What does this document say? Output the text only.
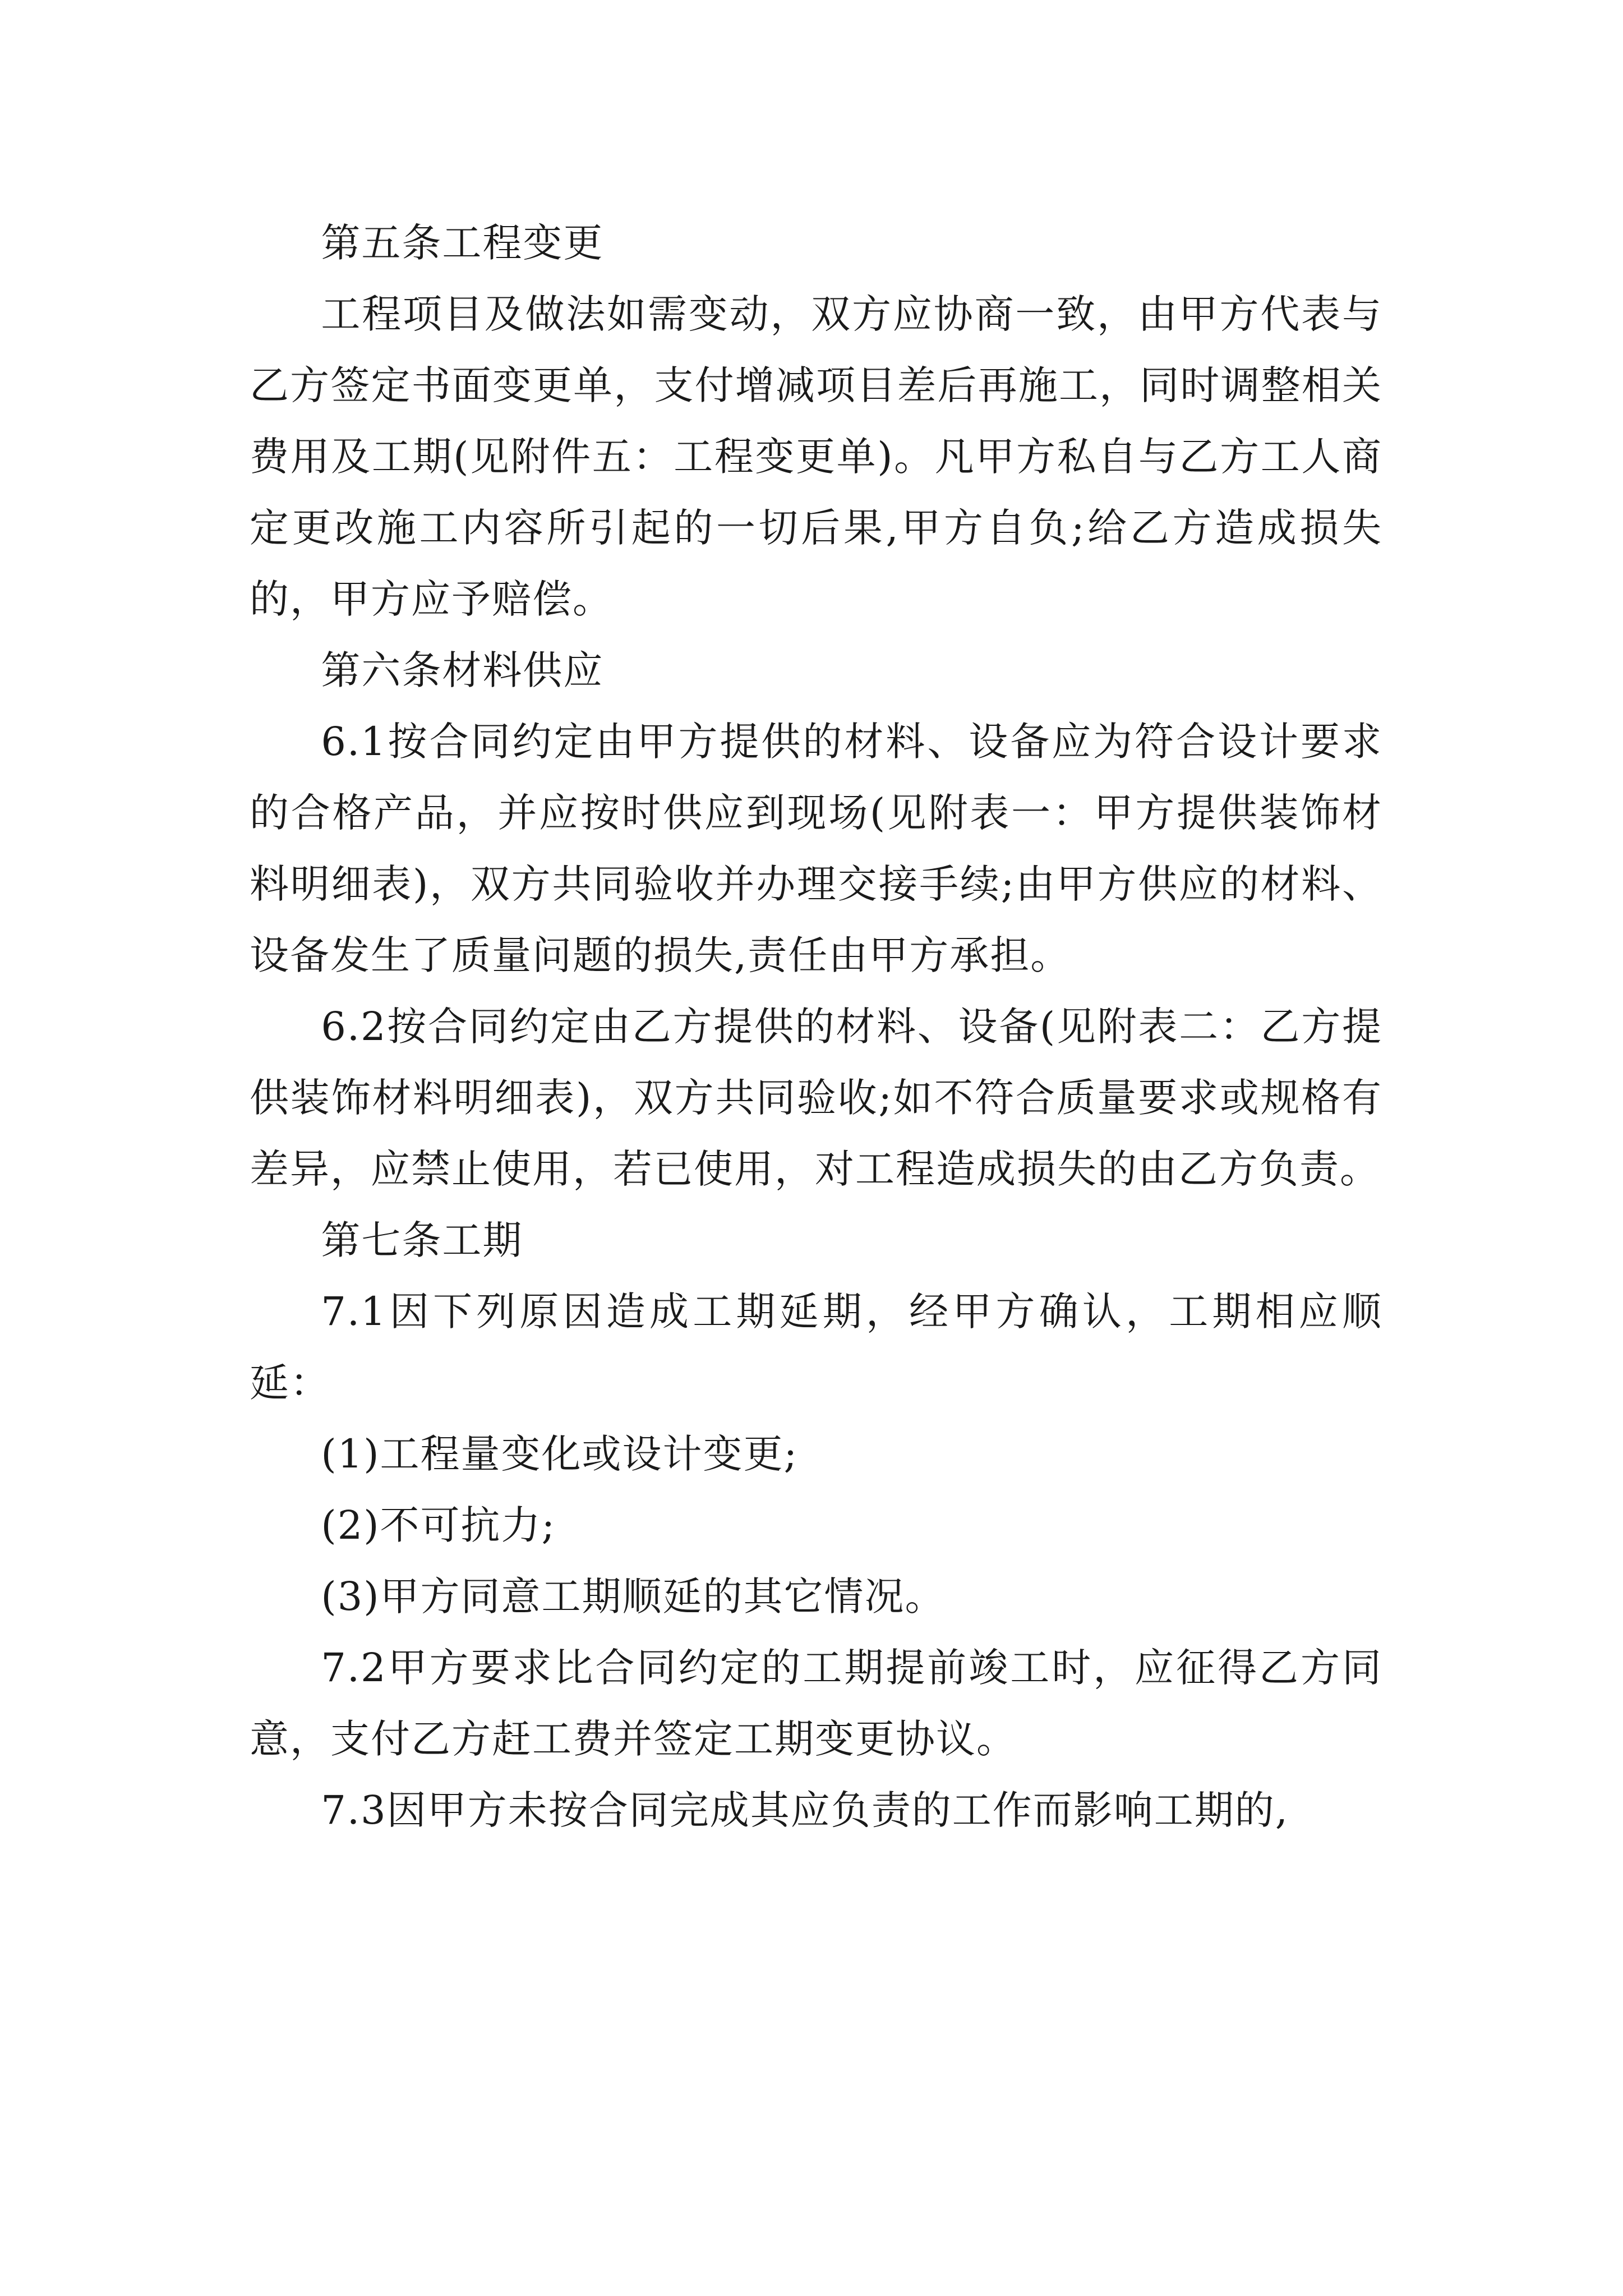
第五条工程变更

工程项目及做法如需变动，双方应协商一致，由甲方代表与乙方签定书面变更单，支付增减项目差后再施工，同时调整相关费用及工期(见附件五：工程变更单)。凡甲方私自与乙方工人商定更改施工内容所引起的一切后果,甲方自负;给乙方造成损失的，甲方应予赔偿。

第六条材料供应

6.1按合同约定由甲方提供的材料、设备应为符合设计要求的合格产品，并应按时供应到现场(见附表一：甲方提供装饰材料明细表)，双方共同验收并办理交接手续;由甲方供应的材料、设备发生了质量问题的损失,责任由甲方承担。

6.2按合同约定由乙方提供的材料、设备(见附表二：乙方提供装饰材料明细表)，双方共同验收;如不符合质量要求或规格有差异，应禁止使用，若已使用，对工程造成损失的由乙方负责。

第七条工期

7.1因下列原因造成工期延期，经甲方确认，工期相应顺延：

(1)工程量变化或设计变更;

(2)不可抗力;

(3)甲方同意工期顺延的其它情况。

7.2甲方要求比合同约定的工期提前竣工时，应征得乙方同意，支付乙方赶工费并签定工期变更协议。

7.3因甲方未按合同完成其应负责的工作而影响工期的,
